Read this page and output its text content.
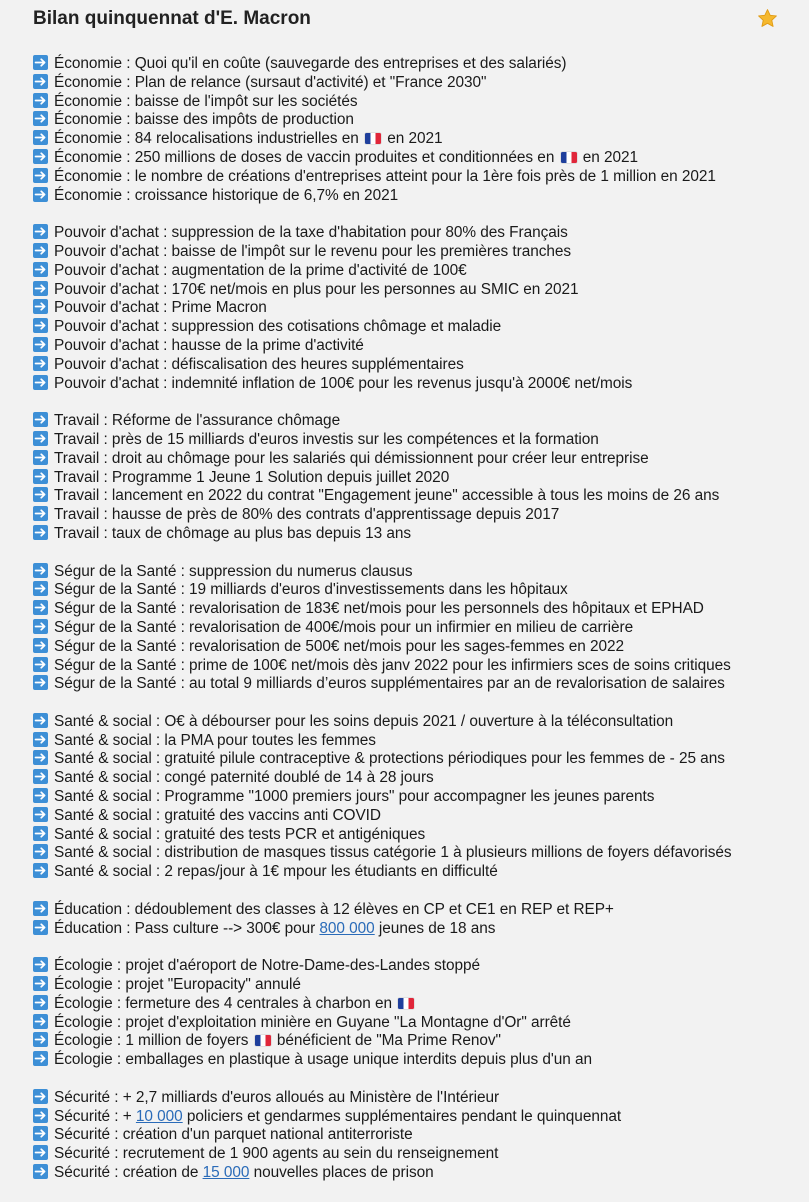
Bilan quinquennat d'E. Macron
Économie : Quoi qu'il en coûte (sauvegarde des entreprises et des salariés)
Économie : Plan de relance (sursaut d'activité) et "France 2030"
Économie : baisse de l'impôt sur les sociétés
Économie : baisse des impôts de production
Économie : 84 relocalisations industrielles en  en 2021
Économie : 250 millions de doses de vaccin produites et conditionnées en  en 2021
Économie : le nombre de créations d'entreprises atteint pour la 1ère fois près de 1 million en 2021
Économie : croissance historique de 6,7% en 2021
Pouvoir d'achat : suppression de la taxe d'habitation pour 80% des Français
Pouvoir d'achat : baisse de l'impôt sur le revenu pour les premières tranches
Pouvoir d'achat : augmentation de la prime d'activité de 100€
Pouvoir d'achat : 170€ net/mois en plus pour les personnes au SMIC en 2021
Pouvoir d'achat : Prime Macron
Pouvoir d'achat : suppression des cotisations chômage et maladie
Pouvoir d'achat : hausse de la prime d'activité
Pouvoir d'achat : défiscalisation des heures supplémentaires
Pouvoir d'achat : indemnité inflation de 100€ pour les revenus jusqu'à 2000€ net/mois
Travail : Réforme de l'assurance chômage
Travail : près de 15 milliards d'euros investis sur les compétences et la formation
Travail : droit au chômage pour les salariés qui démissionnent pour créer leur entreprise
Travail : Programme 1 Jeune 1 Solution depuis juillet 2020
Travail : lancement en 2022 du contrat "Engagement jeune" accessible à tous les moins de 26 ans
Travail : hausse de près de 80% des contrats d'apprentissage depuis 2017
Travail : taux de chômage au plus bas depuis 13 ans
Ségur de la Santé : suppression du numerus clausus
Ségur de la Santé : 19 milliards d'euros d'investissements dans les hôpitaux
Ségur de la Santé : revalorisation de 183€ net/mois pour les personnels des hôpitaux et EPHAD
Ségur de la Santé : revalorisation de 400€/mois pour un infirmier en milieu de carrière
Ségur de la Santé : revalorisation de 500€ net/mois pour les sages-femmes en 2022
Ségur de la Santé : prime de 100€ net/mois dès janv 2022 pour les infirmiers sces de soins critiques
Ségur de la Santé : au total 9 milliards d’euros supplémentaires par an de revalorisation de salaires
Santé & social : O€ à débourser pour les soins depuis 2021 / ouverture à la téléconsultation
Santé & social : la PMA pour toutes les femmes
Santé & social : gratuité pilule contraceptive & protections périodiques pour les femmes de - 25 ans
Santé & social : congé paternité doublé de 14 à 28 jours
Santé & social : Programme "1000 premiers jours" pour accompagner les jeunes parents
Santé & social : gratuité des vaccins anti COVID
Santé & social : gratuité des tests PCR et antigéniques
Santé & social : distribution de masques tissus catégorie 1 à plusieurs millions de foyers défavorisés
Santé & social : 2 repas/jour à 1€ mpour les étudiants en difficulté
Éducation : dédoublement des classes à 12 élèves en CP et CE1 en REP et REP+
Éducation : Pass culture --> 300€ pour 800 000 jeunes de 18 ans
Écologie : projet d'aéroport de Notre-Dame-des-Landes stoppé
Écologie : projet "Europacity" annulé
Écologie : fermeture des 4 centrales à charbon en
Écologie : projet d'exploitation minière en Guyane "La Montagne d'Or" arrêté
Écologie : 1 million de foyers  bénéficient de "Ma Prime Renov"
Écologie : emballages en plastique à usage unique interdits depuis plus d'un an
Sécurité : + 2,7 milliards d'euros alloués au Ministère de l'Intérieur
Sécurité : + 10 000 policiers et gendarmes supplémentaires pendant le quinquennat
Sécurité : création d'un parquet national antiterroriste
Sécurité : recrutement de 1 900 agents au sein du renseignement
Sécurité : création de 15 000 nouvelles places de prison
